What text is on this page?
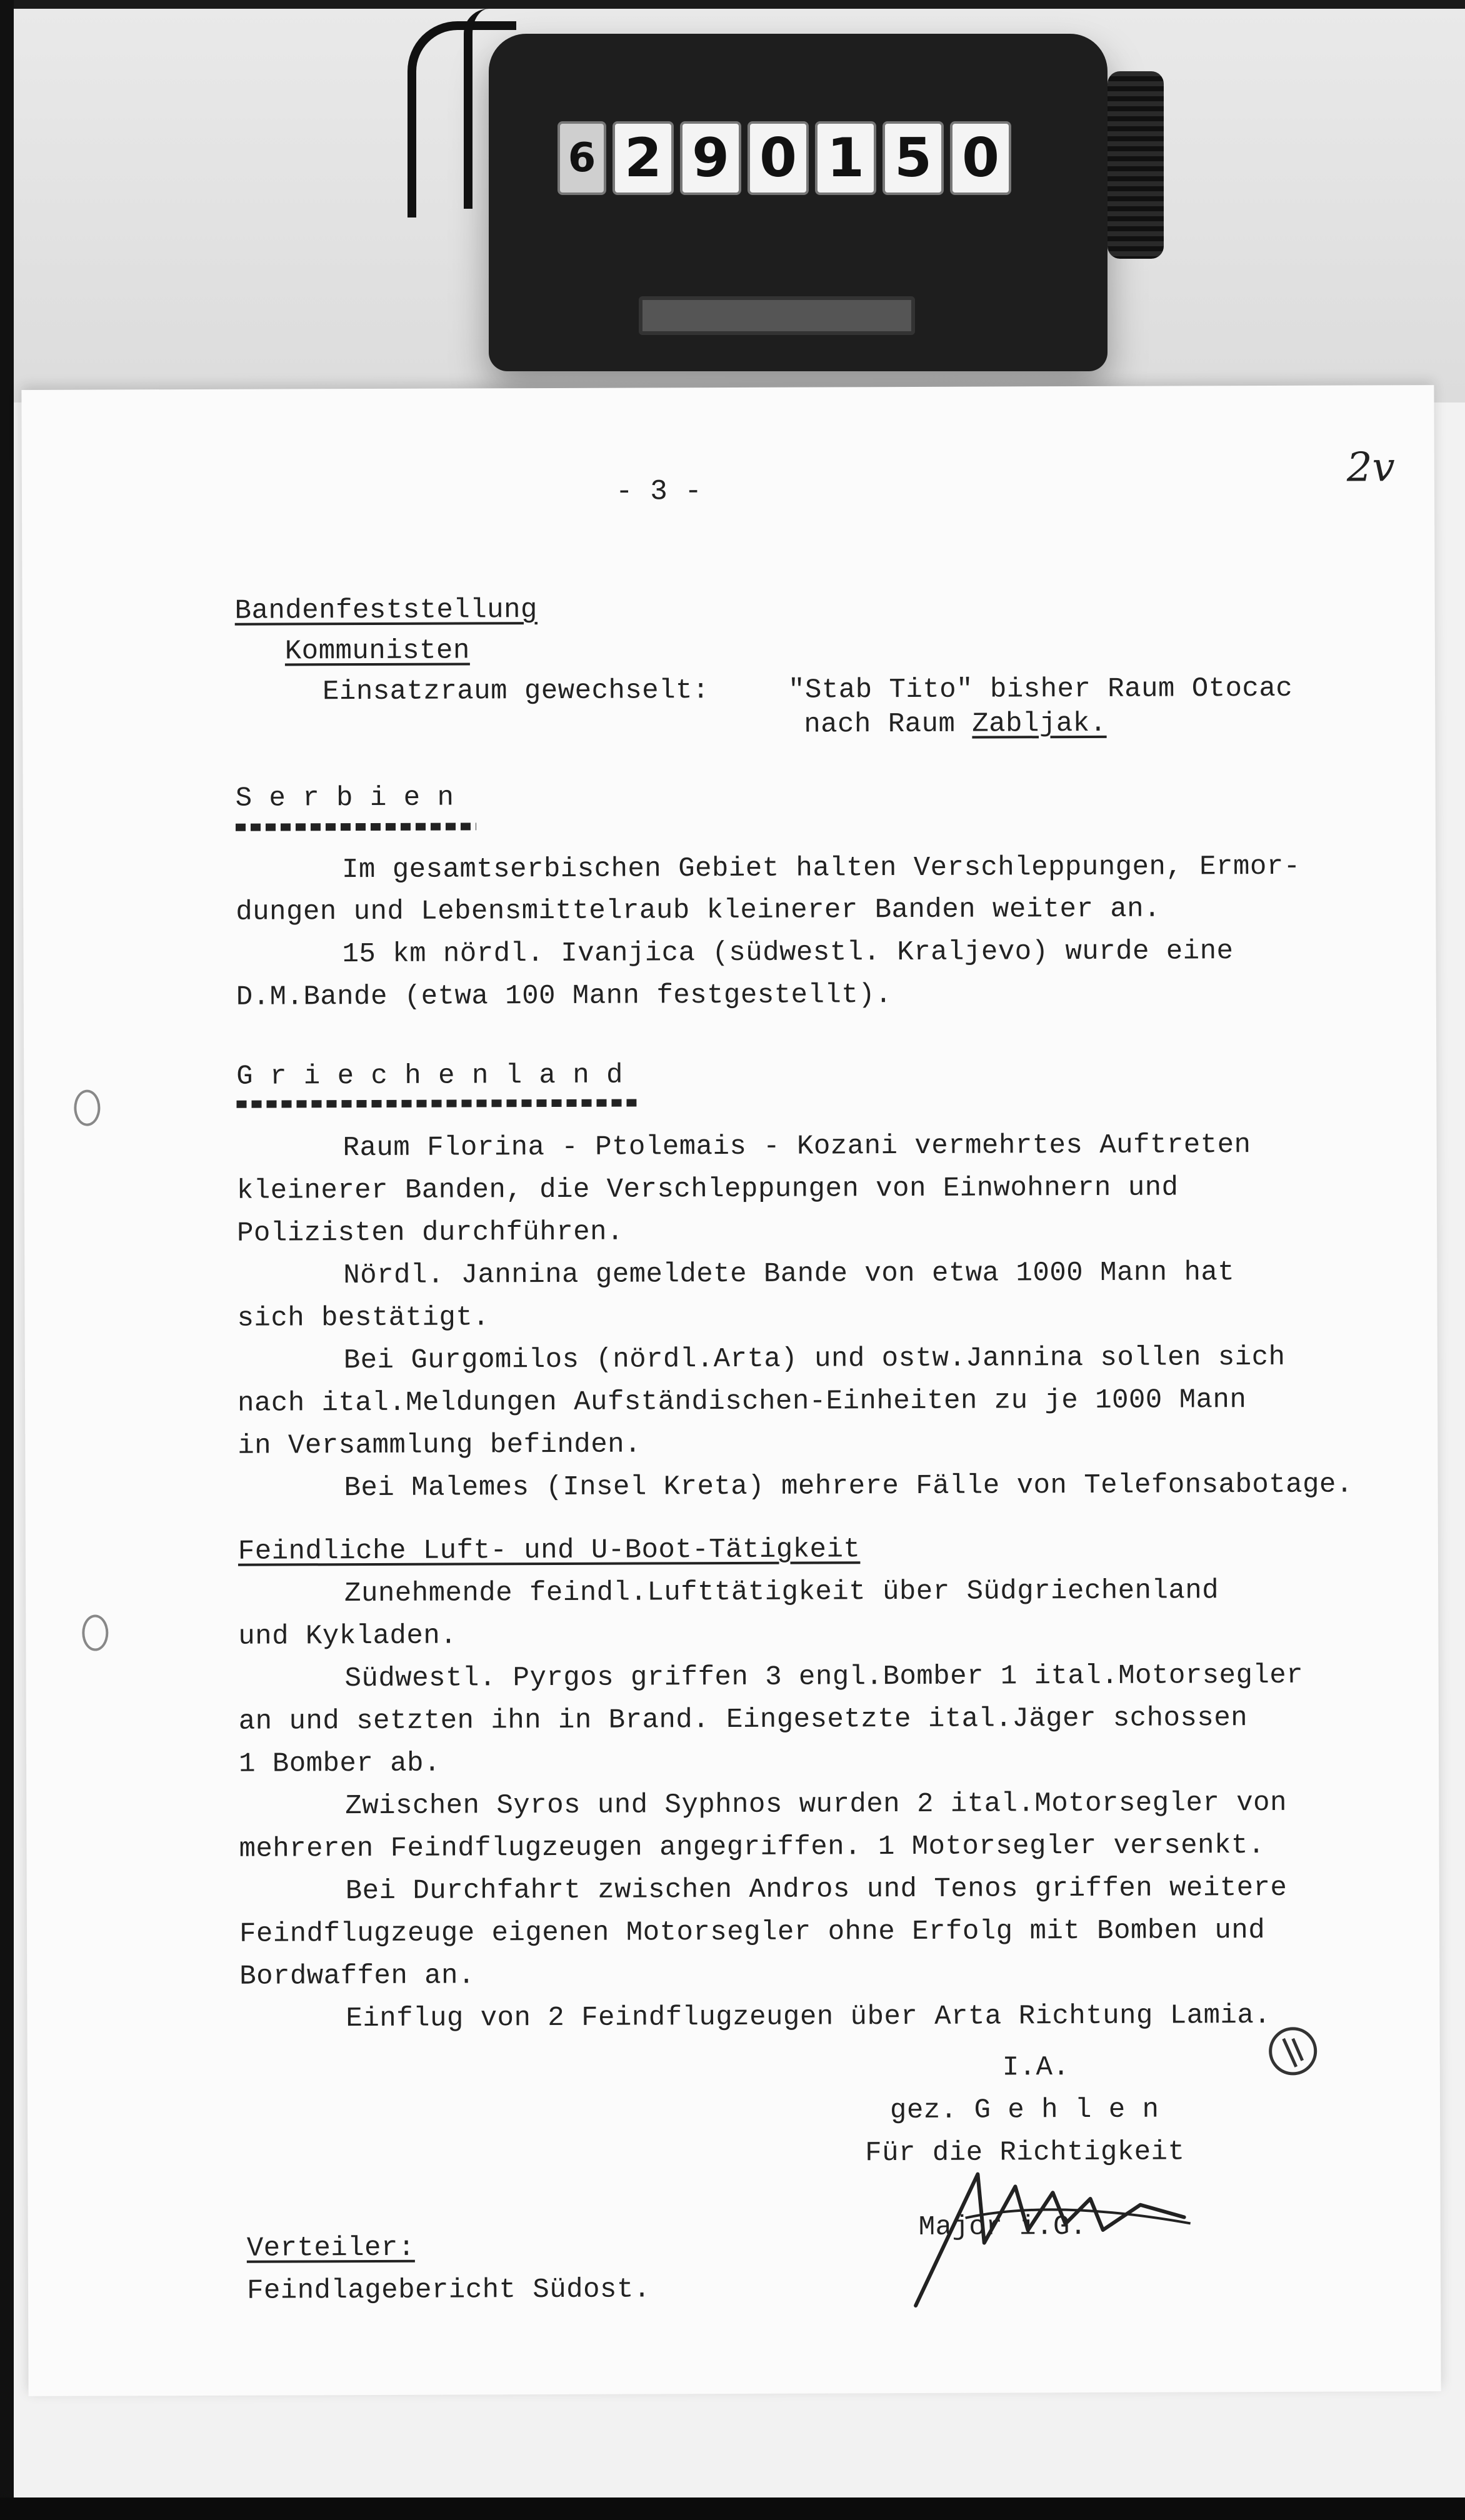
6 2 9 0 1 5 0
- 3 -
2v
Bandenfeststellung
Kommunisten
Einsatzraum gewechselt:	"Stab Tito" bisher Raum Otocac
nach Raum Zabljak.
S e r b i e n
Im gesamtserbischen Gebiet halten Verschleppungen, Ermor-
dungen und Lebensmittelraub kleinerer Banden weiter an.
15 km nördl. Ivanjica (südwestl. Kraljevo) wurde eine
D.M.Bande (etwa 100 Mann festgestellt).
G r i e c h e n l a n d
Raum Florina - Ptolemais - Kozani vermehrtes Auftreten
kleinerer Banden, die Verschleppungen von Einwohnern und
Polizisten durchführen.
Nördl. Jannina gemeldete Bande von etwa 1000 Mann hat
sich bestätigt.
Bei Gurgomilos (nördl.Arta) und ostw.Jannina sollen sich
nach ital.Meldungen Aufständischen-Einheiten zu je 1000 Mann
in Versammlung befinden.
Bei Malemes (Insel Kreta) mehrere Fälle von Telefonsabotage.
Feindliche Luft- und U-Boot-Tätigkeit
Zunehmende feindl.Lufttätigkeit über Südgriechenland
und Kykladen.
Südwestl. Pyrgos griffen 3 engl.Bomber 1 ital.Motorsegler
an und setzten ihn in Brand. Eingesetzte ital.Jäger schossen
1 Bomber ab.
Zwischen Syros und Syphnos wurden 2 ital.Motorsegler von
mehreren Feindflugzeugen angegriffen. 1 Motorsegler versenkt.
Bei Durchfahrt zwischen Andros und Tenos griffen weitere
Feindflugzeuge eigenen Motorsegler ohne Erfolg mit Bomben und
Bordwaffen an.
Einflug von 2 Feindflugzeugen über Arta Richtung Lamia.
I.A.
gez. G e h l e n
Für die Richtigkeit
Major i.G.
Verteiler:
Feindlagebericht Südost.
